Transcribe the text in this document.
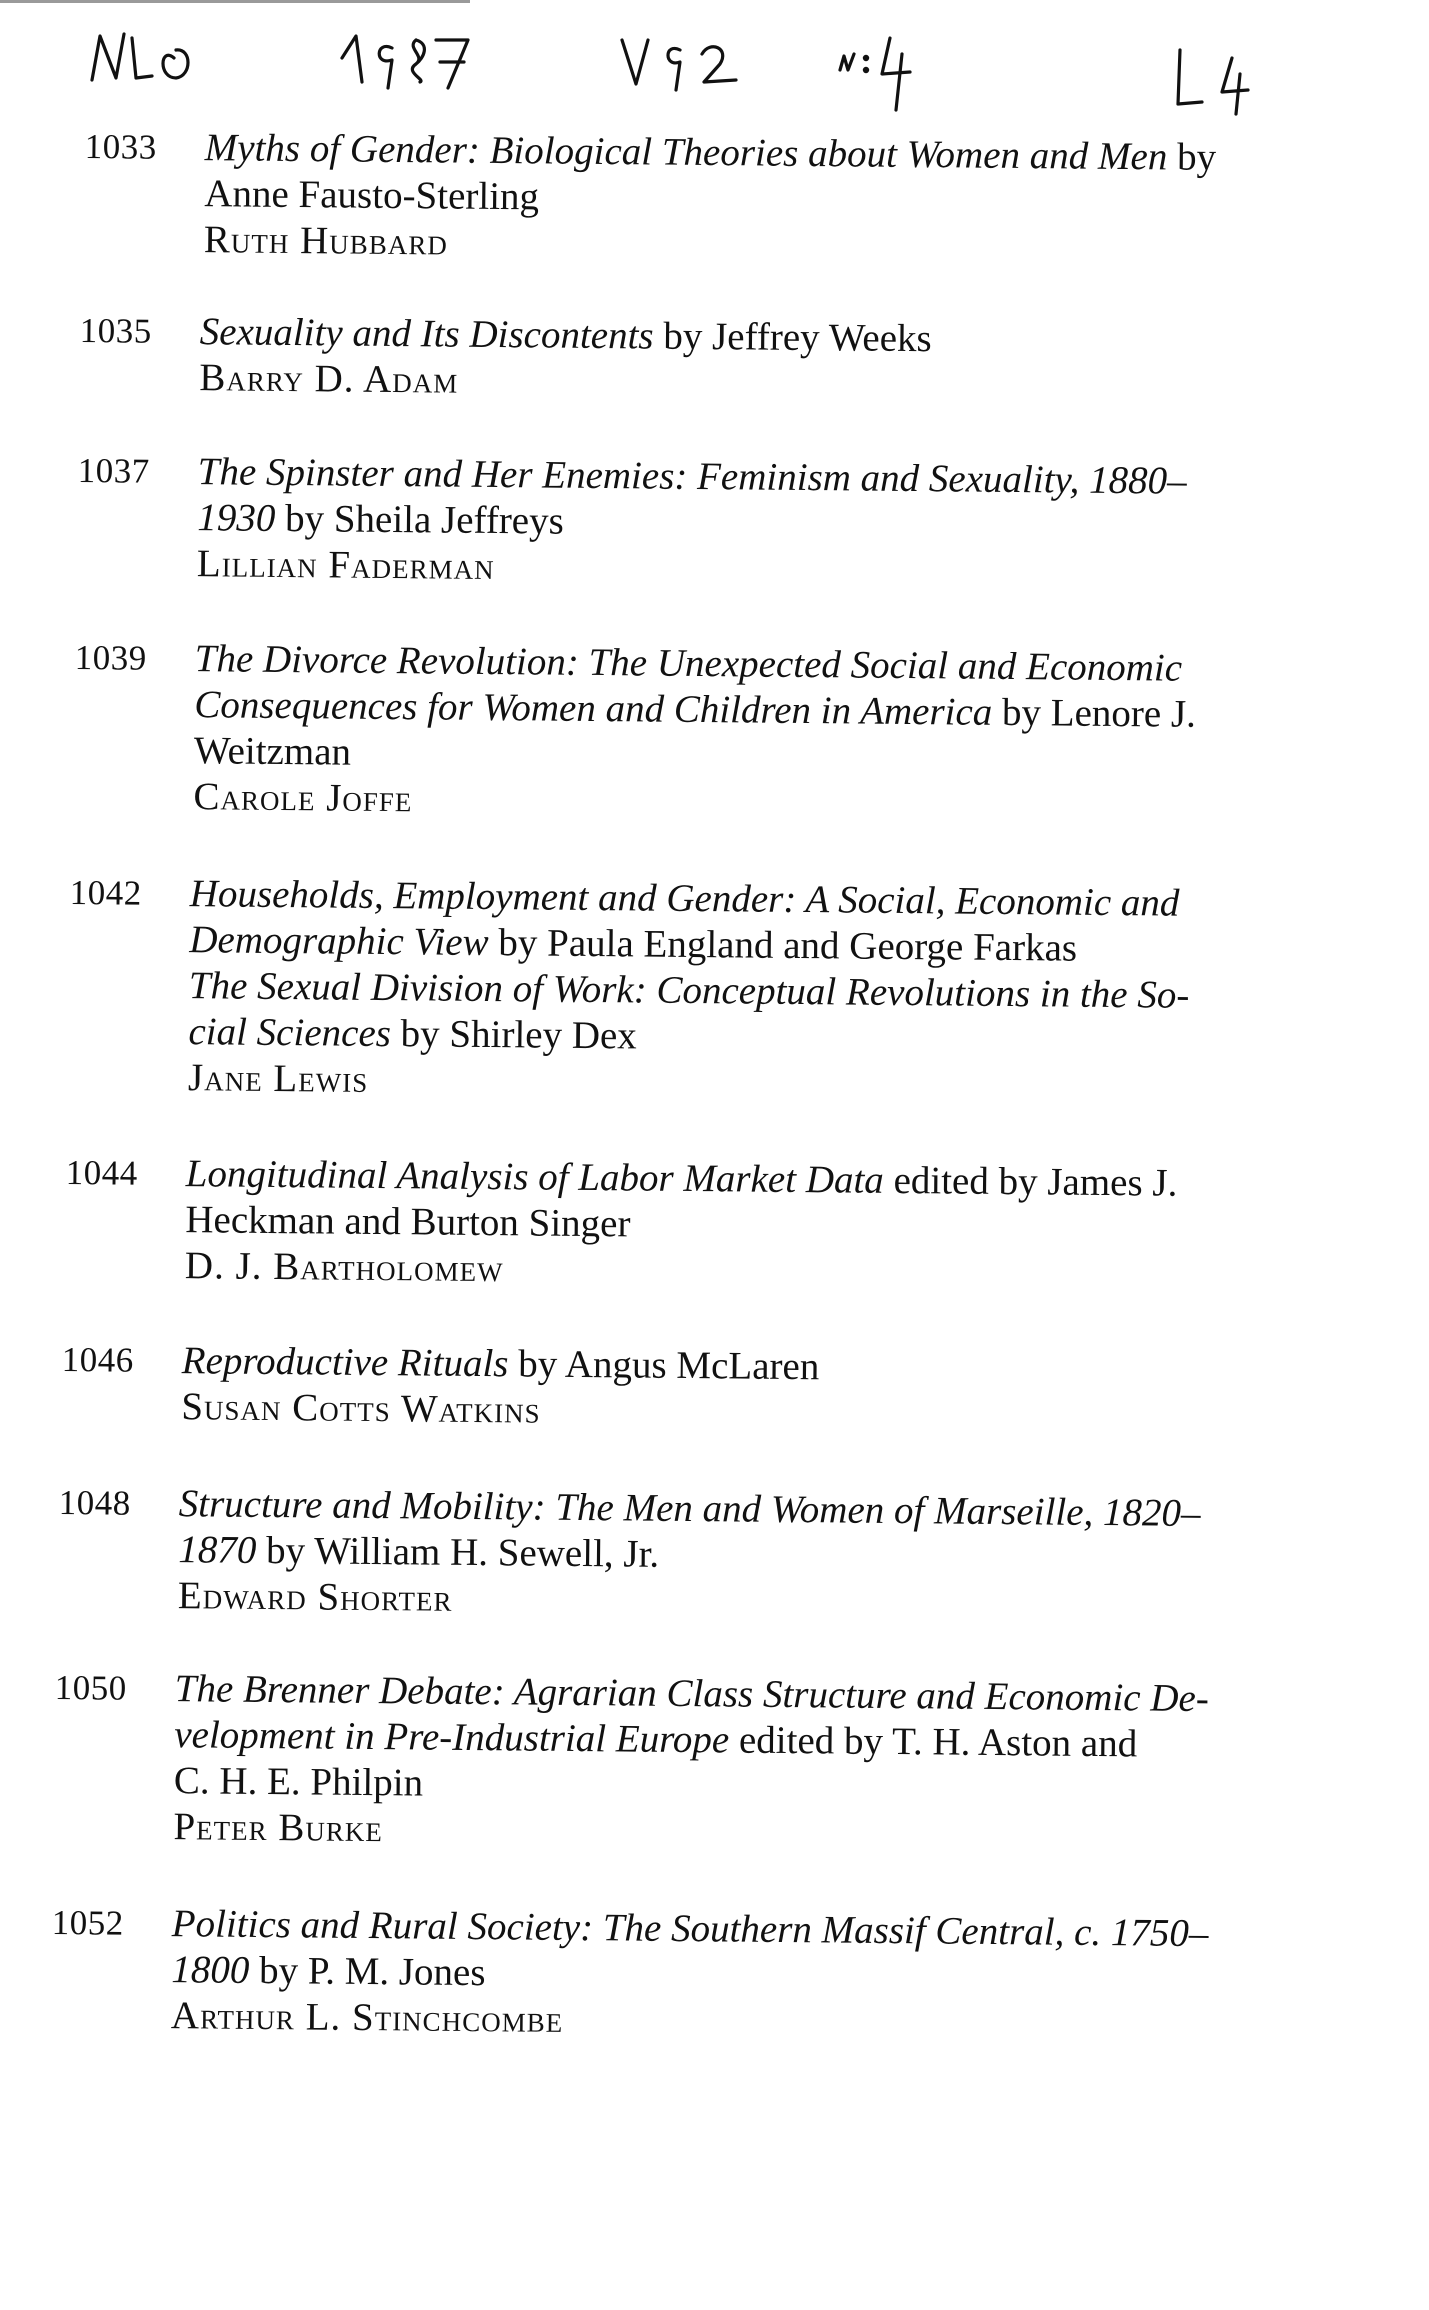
NLO 1987 V92 n:4 L4
1033	Myths of Gender: Biological Theories about Women and Men by
Anne Fausto-Sterling
Ruth Hubbard
1035	Sexuality and Its Discontents by Jeffrey Weeks
Barry D. Adam
1037	The Spinster and Her Enemies: Feminism and Sexuality, 1880–
1930 by Sheila Jeffreys
Lillian Faderman
1039	The Divorce Revolution: The Unexpected Social and Economic
Consequences for Women and Children in America by Lenore J.
Weitzman
Carole Joffe
1042	Households, Employment and Gender: A Social, Economic and
Demographic View by Paula England and George Farkas
The Sexual Division of Work: Conceptual Revolutions in the So-
cial Sciences by Shirley Dex
Jane Lewis
1044	Longitudinal Analysis of Labor Market Data edited by James J.
Heckman and Burton Singer
D. J. Bartholomew
1046	Reproductive Rituals by Angus McLaren
Susan Cotts Watkins
1048	Structure and Mobility: The Men and Women of Marseille, 1820–
1870 by William H. Sewell, Jr.
Edward Shorter
1050	The Brenner Debate: Agrarian Class Structure and Economic De-
velopment in Pre-Industrial Europe edited by T. H. Aston and
C. H. E. Philpin
Peter Burke
1052	Politics and Rural Society: The Southern Massif Central, c. 1750–
1800 by P. M. Jones
Arthur L. Stinchcombe
